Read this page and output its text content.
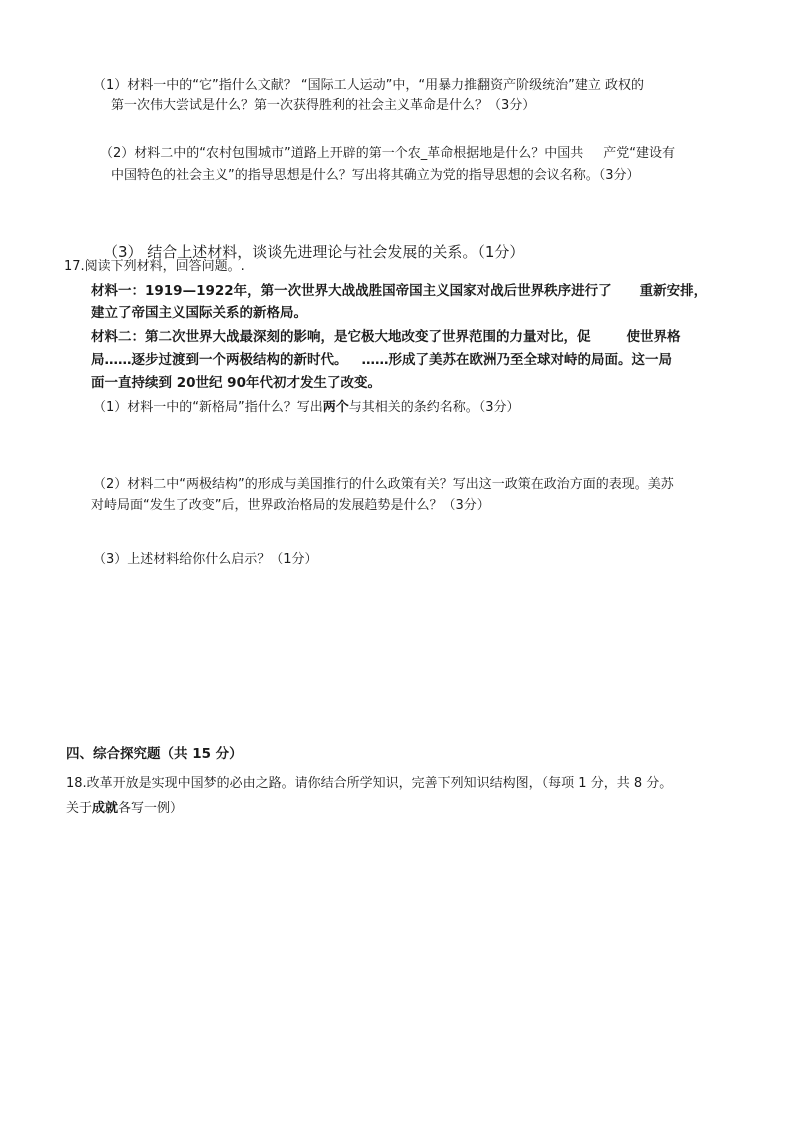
（1）材料一中的“它”指什么文献？ “国际工人运动”中，“用暴力推翻资产阶级统治”建立 政权的
第一次伟大尝试是什么？第一次获得胜利的社会主义革命是什么？（3分）
（2）材料二中的“农村包围城市”道路上开辟的第一个农_革命根据地是什么？中国共 产党“建设有
中国特色的社会主义”的指导思想是什么？写出将其确立为党的指导思想的会议名称。（3分）
（3） 结合上述材料，谈谈先进理论与社会发展的关系。（1分）
17.阅读下列材料，回答问题。.
材料一：1919—1922年，第一次世界大战战胜国帝国主义国家对战后世界秩序进行了 重新安排，
建立了帝国主义国际关系的新格局。
材料二：第二次世界大战最深刻的影响，是它极大地改变了世界范围的力量对比，促	使世界格
局……逐步过渡到一个两极结构的新时代。 ……形成了美苏在欧洲乃至全球对峙的局面。这一局
面一直持续到 20世纪 90年代初才发生了改变。
（1）材料一中的“新格局”指什么？写出两个与其相关的条约名称。（3分）
（2）材料二中“两极结构”的形成与美国推行的什么政策有关？写出这一政策在政治方面的表现。美苏
对峙局面“发生了改变”后，世界政治格局的发展趋势是什么？（3分）
（3）上述材料给你什么启示？（1分）
四、综合探究题（共 15 分）
18.改革开放是实现中国梦的必由之路。请你结合所学知识，完善下列知识结构图，（每项 1 分，共 8 分。
关于成就各写一例）
